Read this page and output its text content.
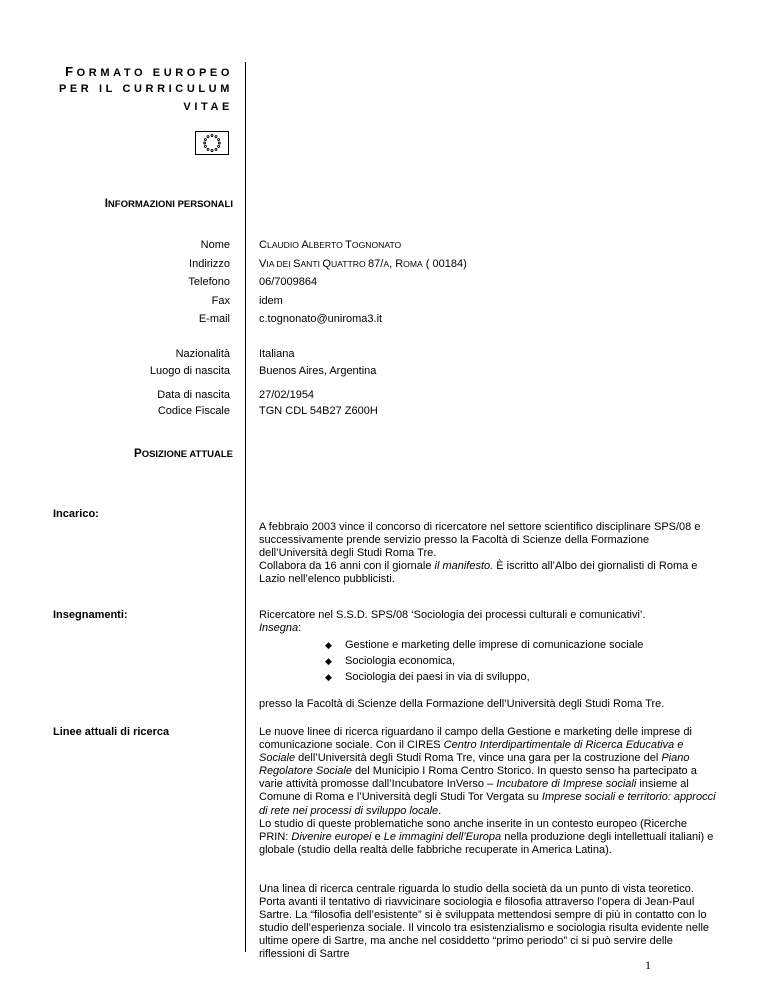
FORMATO EUROPEO
PER IL CURRICULUM
VITAE
INFORMAZIONI PERSONALI
Nome	CLAUDIO ALBERTO TOGNONATO
Indirizzo	VIA DEI SANTI QUATTRO 87/A, ROMA ( 00184)
Telefono	06/7009864
Fax	idem
E-mail	c.tognonato@uniroma3.it
Nazionalità	Italiana
Luogo di nascita	Buenos Aires, Argentina
Data di nascita	27/02/1954
Codice Fiscale	TGN CDL 54B27 Z600H
POSIZIONE ATTUALE
Incarico:
A febbraio 2003 vince il concorso di ricercatore nel settore scientifico disciplinare SPS/08 e successivamente prende servizio presso la Facoltà di Scienze della Formazione dell’Università degli Studi Roma Tre.
Collabora da 16 anni con il giornale il manifesto. È iscritto all’Albo dei giornalisti di Roma e Lazio nell’elenco pubblicisti.
Insegnamenti:	Ricercatore nel S.S.D. SPS/08 ‘Sociologia dei processi culturali e comunicativi’.
Insegna:
◆ Gestione e marketing delle imprese di comunicazione sociale
◆ Sociologia economica,
◆ Sociologia dei paesi in via di sviluppo,
presso la Facoltà di Scienze della Formazione dell’Università degli Studi Roma Tre.
Linee attuali di ricerca	Le nuove linee di ricerca riguardano il campo della Gestione e marketing delle imprese di comunicazione sociale. Con il CIRES Centro Interdipartimentale di Ricerca Educativa e Sociale dell’Università degli Studi Roma Tre, vince una gara per la costruzione del Piano Regolatore Sociale del Municipio I Roma Centro Storico. In questo senso ha partecipato a varie attività promosse dall’Incubatore InVerso – Incubatore di Imprese sociali insieme al Comune di Roma e l’Università degli Studi Tor Vergata su Imprese sociali e territorio: approcci di rete nei processi di sviluppo locale.
Lo studio di queste problematiche sono anche inserite in un contesto europeo (Ricerche PRIN: Divenire europei e Le immagini dell’Europa nella produzione degli intellettuali italiani) e globale (studio della realtà delle fabbriche recuperate in America Latina).
Una linea di ricerca centrale riguarda lo studio della società da un punto di vista teoretico. Porta avanti il tentativo di riavvicinare sociologia e filosofia attraverso l’opera di Jean-Paul Sartre. La “filosofia dell’esistente” si è sviluppata mettendosi sempre di più in contatto con lo studio dell’esperienza sociale. Il vincolo tra esistenzialismo e sociologia risulta evidente nelle ultime opere di Sartre, ma anche nel cosiddetto “primo periodo” ci si può servire delle riflessioni di Sartre
1
